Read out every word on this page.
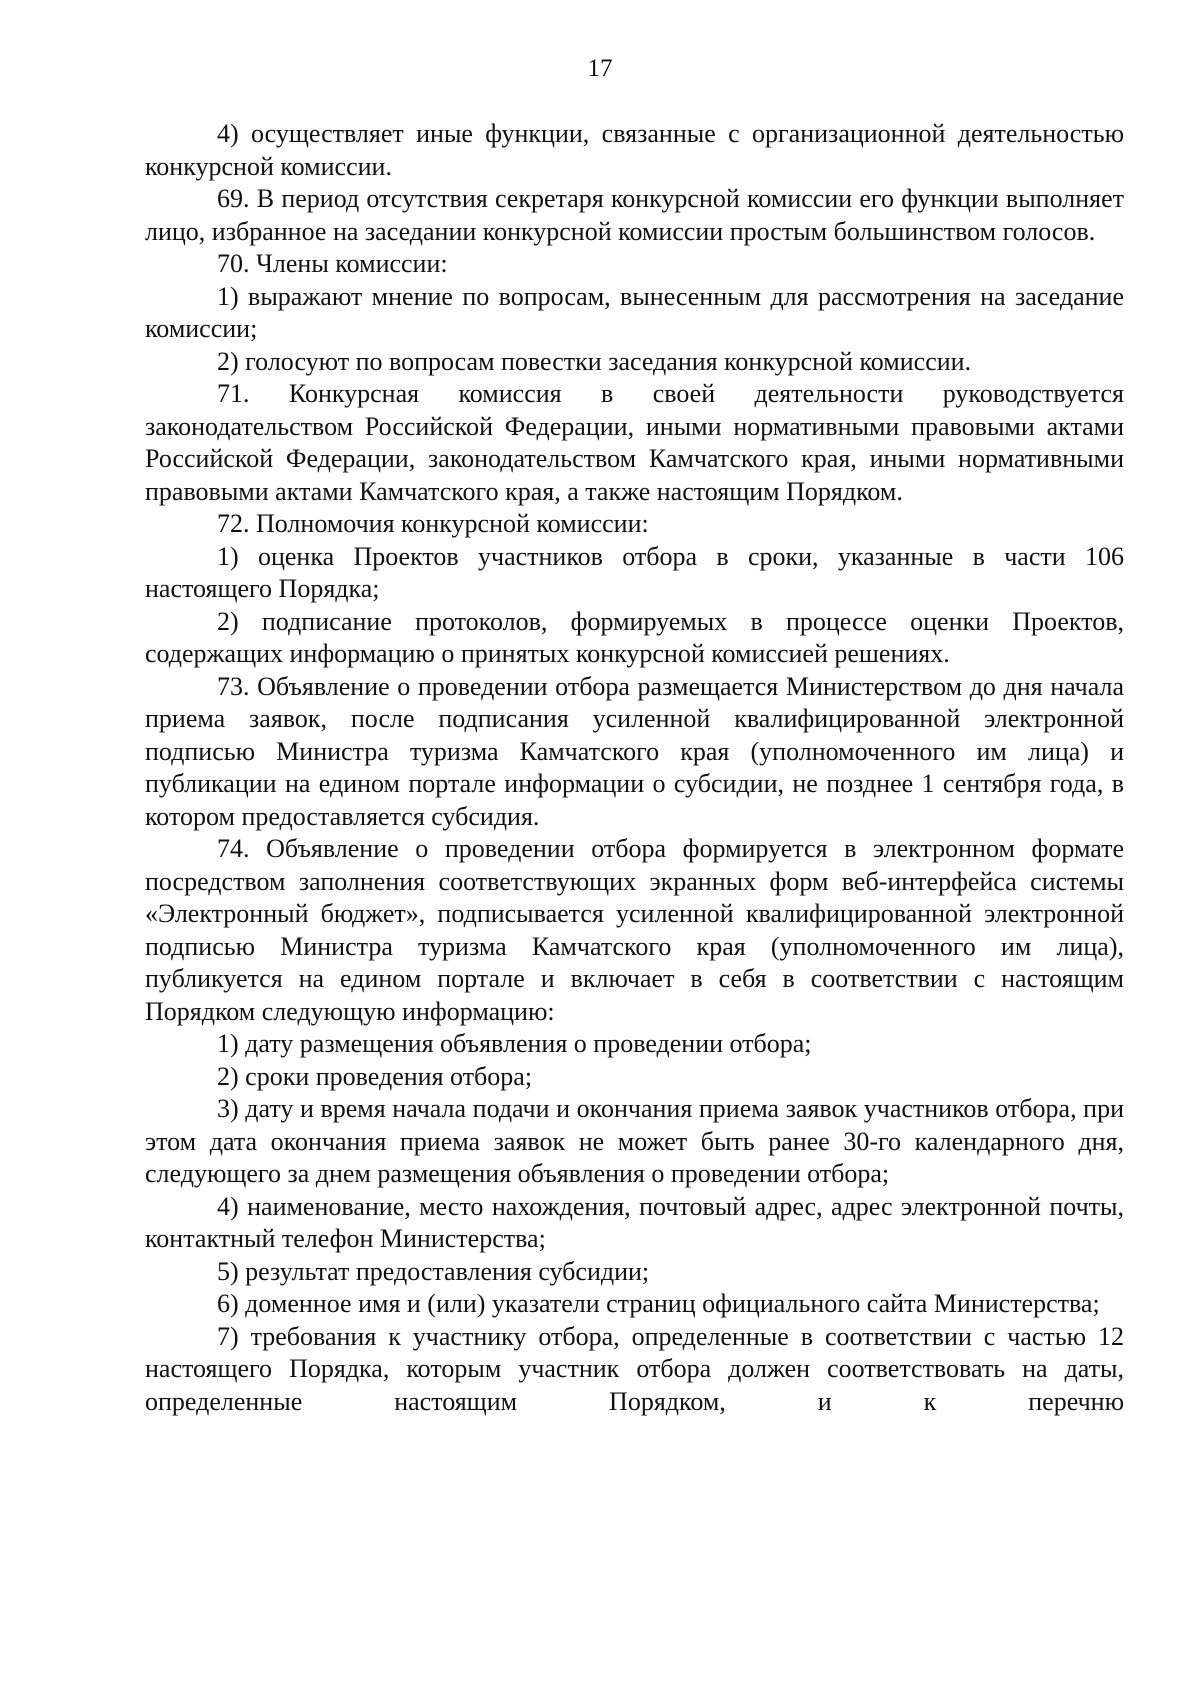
17

4) осуществляет иные функции, связанные с организационной деятельностью конкурсной комиссии.

69. В период отсутствия секретаря конкурсной комиссии его функции выполняет лицо, избранное на заседании конкурсной комиссии простым большинством голосов.

70. Члены комиссии:

1) выражают мнение по вопросам, вынесенным для рассмотрения на заседание комиссии;

2) голосуют по вопросам повестки заседания конкурсной комиссии.

71. Конкурсная комиссия в своей деятельности руководствуется законодательством Российской Федерации, иными нормативными правовыми актами Российской Федерации, законодательством Камчатского края, иными нормативными правовыми актами Камчатского края, а также настоящим Порядком.

72. Полномочия конкурсной комиссии:

1) оценка Проектов участников отбора в сроки, указанные в части 106 настоящего Порядка;

2) подписание протоколов, формируемых в процессе оценки Проектов, содержащих информацию о принятых конкурсной комиссией решениях.

73. Объявление о проведении отбора размещается Министерством до дня начала приема заявок, после подписания усиленной квалифицированной электронной подписью Министра туризма Камчатского края (уполномоченного им лица) и публикации на едином портале информации о субсидии, не позднее 1 сентября года, в котором предоставляется субсидия.

74. Объявление о проведении отбора формируется в электронном формате посредством заполнения соответствующих экранных форм веб-интерфейса системы «Электронный бюджет», подписывается усиленной квалифицированной электронной подписью Министра туризма Камчатского края (уполномоченного им лица), публикуется на едином портале и включает в себя в соответствии с настоящим Порядком следующую информацию:

1) дату размещения объявления о проведении отбора;

2) сроки проведения отбора;

3) дату и время начала подачи и окончания приема заявок участников отбора, при этом дата окончания приема заявок не может быть ранее 30-го календарного дня, следующего за днем размещения объявления о проведении отбора;

4) наименование, место нахождения, почтовый адрес, адрес электронной почты, контактный телефон Министерства;

5) результат предоставления субсидии;

6) доменное имя и (или) указатели страниц официального сайта Министерства;

7) требования к участнику отбора, определенные в соответствии с частью 12 настоящего Порядка, которым участник отбора должен соответствовать на даты, определенные настоящим Порядком, и к перечню
